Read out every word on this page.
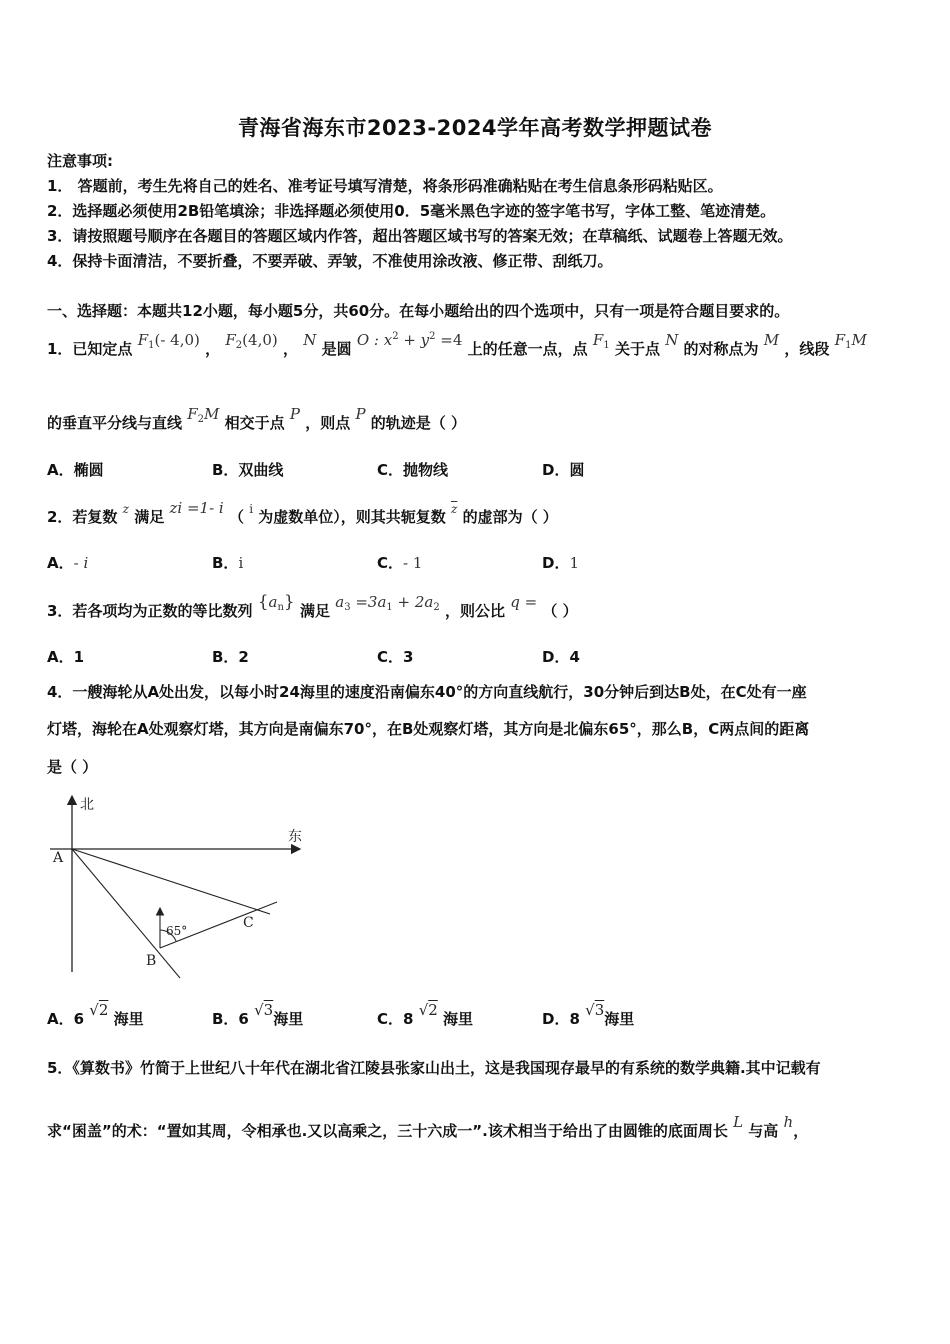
青海省海东市2023-2024学年高考数学押题试卷
注意事项:
1． 答题前，考生先将自己的姓名、准考证号填写清楚，将条形码准确粘贴在考生信息条形码粘贴区。
2．选择题必须使用2B铅笔填涂；非选择题必须使用0．5毫米黑色字迹的签字笔书写，字体工整、笔迹清楚。
3．请按照题号顺序在各题目的答题区域内作答，超出答题区域书写的答案无效；在草稿纸、试题卷上答题无效。
4．保持卡面清洁，不要折叠，不要弄破、弄皱，不准使用涂改液、修正带、刮纸刀。
一、选择题：本题共12小题，每小题5分，共60分。在每小题给出的四个选项中，只有一项是符合题目要求的。
1．已知定点 $F_1(-$ 4,0) ， $F_2(4,0)$ ， N 是圆 O : $x^2 + y^2 =4$ 上的任意一点，点 $F_1$ 关于点 N 的对称点为 M ，线段 $F_1M$
的垂直平分线与直线 $F_2M$ 相交于点 P ，则点 P 的轨迹是（ ）
A．椭圆	B．双曲线	C．抛物线	D．圆
2．若复数 $^z$ 满足 zi =1- i （ $^i$ 为虚数单位），则其共轭复数 $^{\overline{z}}$ 的虚部为（ ）
A．- i	B．i	C．- 1	D．1
3．若各项均为正数的等比数列 $\{a_n\}$ 满足 $a_3 =3a_1 + 2a_2$ ，则公比 q = （ ）
A．1	B．2	C．3	D．4
4．一艘海轮从A处出发，以每小时24海里的速度沿南偏东40°的方向直线航行，30分钟后到达B处，在C处有一座
灯塔，海轮在A处观察灯塔，其方向是南偏东70°，在B处观察灯塔，其方向是北偏东65°，那么B，C两点间的距离
是（ ）
北
东
A
B
C
65°
A．6 √2 海里	B．6 √3海里	C．8 √2 海里	D．8 √3海里
5．《算数书》竹简于上世纪八十年代在湖北省江陵县张家山出土，这是我国现存最早的有系统的数学典籍.其中记载有
求“囷盖”的术：“置如其周，令相承也.又以高乘之，三十六成一”.该术相当于给出了由圆锥的底面周长 L 与高 h，
